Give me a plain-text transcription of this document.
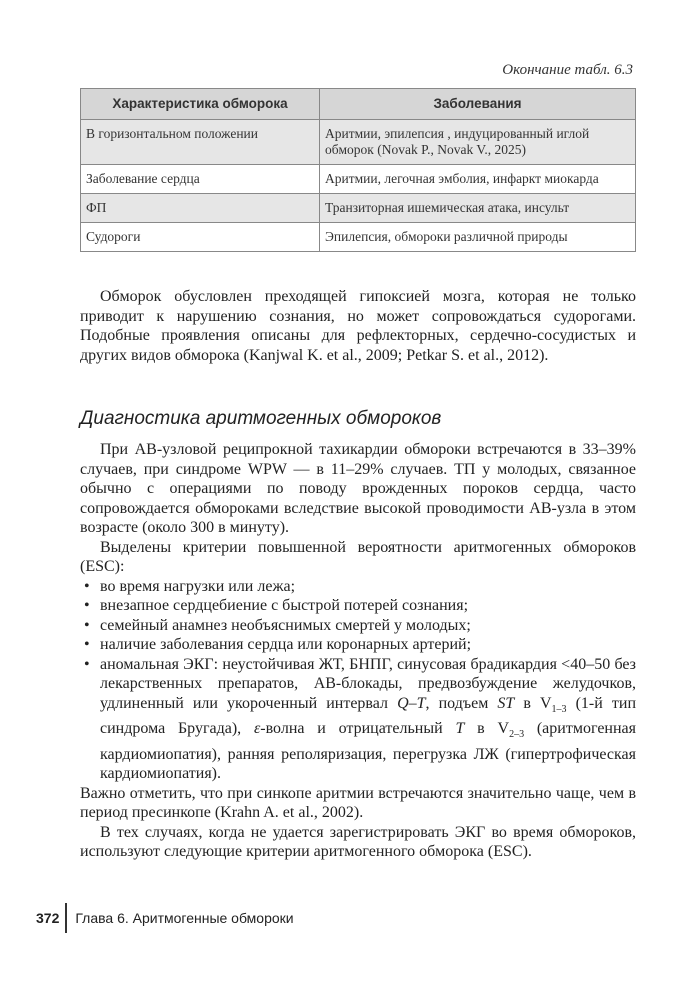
Окончание табл. 6.3
Характеристика обморока	Заболевания
В горизонтальном положении	Аритмии, эпилепсия , индуцированный иглой обморок (Novak P., Novak V., 2025)
Заболевание сердца	Аритмии, легочная эмболия, инфаркт миокарда
ФП	Транзиторная ишемическая атака, инсульт
Судороги	Эпилепсия, обмороки различной природы

Обморок обусловлен преходящей гипоксией мозга, которая не только приводит к нарушению сознания, но может сопровождаться судорогами. Подобные проявления описаны для рефлекторных, сердечно-сосудистых и других видов обморока (Kanjwal K. et al., 2009; Petkar S. et al., 2012).

Диагностика аритмогенных обмороков

При АВ-узловой реципрокной тахикардии обмороки встречаются в 33–39% случаев, при синдроме WPW — в 11–29% случаев. ТП у молодых, связанное обычно с операциями по поводу врожденных пороков сердца, часто сопровождается обмороками вследствие высокой проводимости АВ-узла в этом возрасте (около 300 в минуту).

Выделены критерии повышенной вероятности аритмогенных обмороков (ESC):

• во время нагрузки или лежа;
• внезапное сердцебиение с быстрой потерей сознания;
• семейный анамнез необъяснимых смертей у молодых;
• наличие заболевания сердца или коронарных артерий;
• аномальная ЭКГ: неустойчивая ЖТ, БНПГ, синусовая брадикардия <40–50 без лекарственных препаратов, АВ-блокады, предвозбуждение желудочков, удлиненный или укороченный интервал Q–T, подъем ST в $V_{1-3}$ (1-й тип синдрома Бругада), ε-волна и отрицательный T в $V_{2-3}$ (аритмогенная кардиомиопатия), ранняя реполяризация, перегрузка ЛЖ (гипертрофическая кардиомиопатия).

Важно отметить, что при синкопе аритмии встречаются значительно чаще, чем в период пресинкопе (Krahn A. et al., 2002).

В тех случаях, когда не удается зарегистрировать ЭКГ во время обмороков, используют следующие критерии аритмогенного обморока (ESC).

372	Глава 6. Аритмогенные обмороки
